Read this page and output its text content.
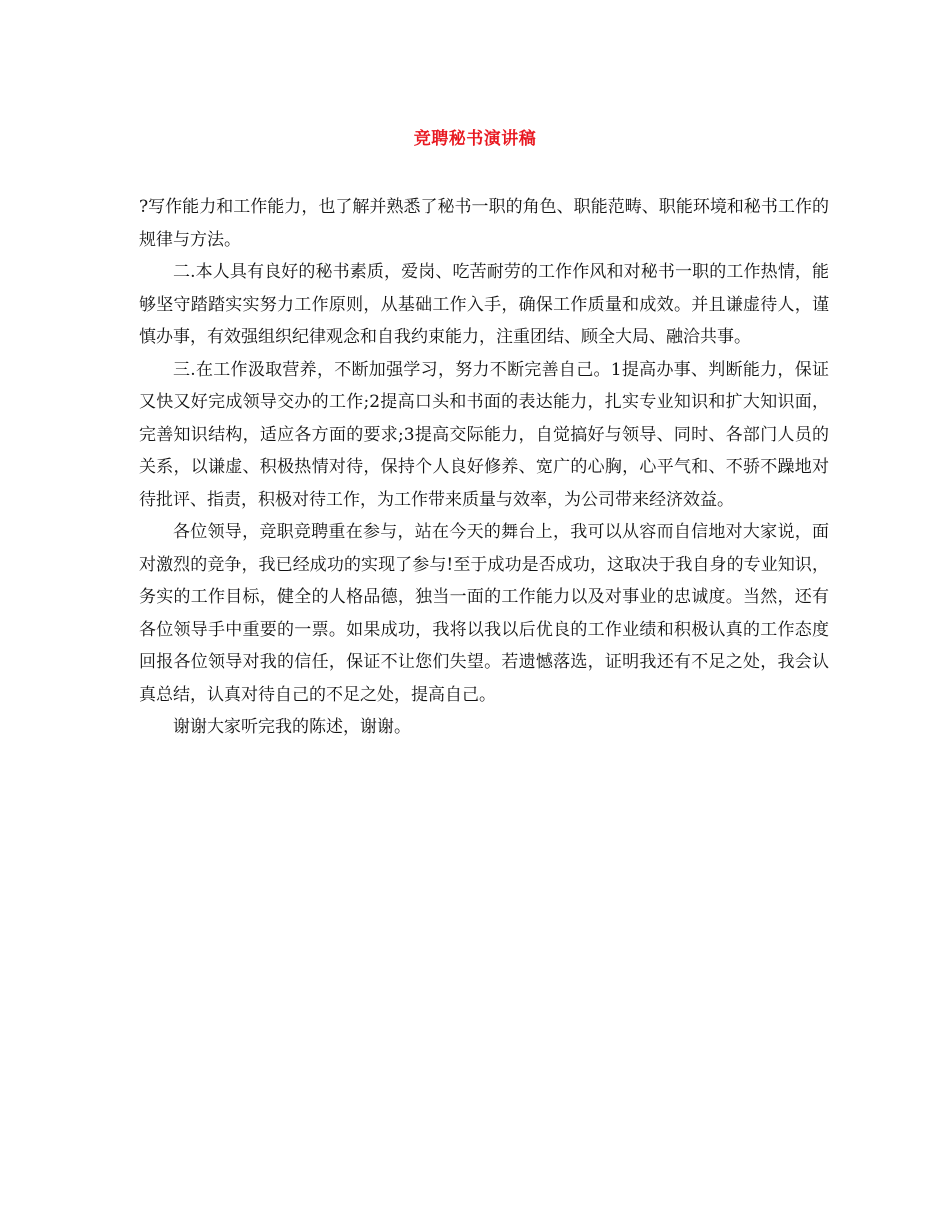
竞聘秘书演讲稿

?写作能力和工作能力，也了解并熟悉了秘书一职的角色、职能范畴、职能环境和秘书工作的规律与方法。

二.本人具有良好的秘书素质，爱岗、吃苦耐劳的工作作风和对秘书一职的工作热情，能够坚守踏踏实实努力工作原则，从基础工作入手，确保工作质量和成效。并且谦虚待人，谨慎办事，有效强组织纪律观念和自我约束能力，注重团结、顾全大局、融洽共事。

三.在工作汲取营养，不断加强学习，努力不断完善自己。1提高办事、判断能力，保证又快又好完成领导交办的工作;2提高口头和书面的表达能力，扎实专业知识和扩大知识面，完善知识结构，适应各方面的要求;3提高交际能力，自觉搞好与领导、同时、各部门人员的关系，以谦虚、积极热情对待，保持个人良好修养、宽广的心胸，心平气和、不骄不躁地对待批评、指责，积极对待工作，为工作带来质量与效率，为公司带来经济效益。

各位领导，竞职竞聘重在参与，站在今天的舞台上，我可以从容而自信地对大家说，面对激烈的竞争，我已经成功的实现了参与!至于成功是否成功，这取决于我自身的专业知识，务实的工作目标，健全的人格品德，独当一面的工作能力以及对事业的忠诚度。当然，还有各位领导手中重要的一票。如果成功，我将以我以后优良的工作业绩和积极认真的工作态度回报各位领导对我的信任，保证不让您们失望。若遗憾落选，证明我还有不足之处，我会认真总结，认真对待自己的不足之处，提高自己。

谢谢大家听完我的陈述，谢谢。
